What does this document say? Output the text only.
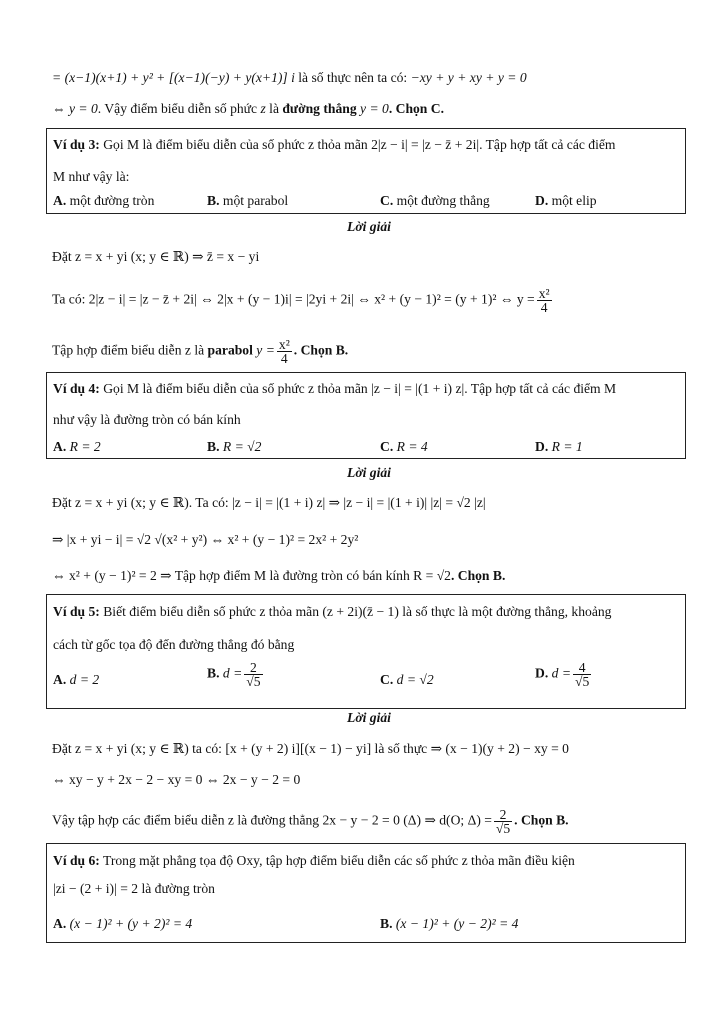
= (x−1)(x+1) + y² + [(x−1)(−y) + y(x+1)] i là số thực nên ta có: −xy + y + xy + y = 0
⇔ y = 0. Vậy điểm biểu diễn số phức z là đường thẳng y = 0. Chọn C.
Ví dụ 3: Gọi M là điểm biểu diễn của số phức z thỏa mãn 2|z − i| = |z − z̄ + 2i|. Tập hợp tất cả các điểm
M như vậy là:
A. một đường tròn	B. một parabol	C. một đường thẳng	D. một elip
Lời giải
Đặt z = x + yi (x; y ∈ ℝ) ⇒ z̄ = x − yi
Ta có: 2|z − i| = |z − z̄ + 2i| ⇔ 2|x + (y − 1)i| = |2yi + 2i| ⇔ x² + (y − 1)² = (y + 1)² ⇔ $y = \frac{\text{x²}}{4}$
Tập hợp điểm biểu diễn z là parabol $y = \frac{\text{x²}}{4}$ . Chọn B.
Ví dụ 4: Gọi M là điểm biểu diễn của số phức z thỏa mãn |z − i| = |(1 + i) z|. Tập hợp tất cả các điểm M
như vậy là đường tròn có bán kính
A. R = 2	B. R = √2	C. R = 4	D. R = 1
Lời giải
Đặt z = x + yi (x; y ∈ ℝ). Ta có: |z − i| = |(1 + i) z| ⇒ |z − i| = |(1 + i)| |z| = √2 |z|
⇒ |x + yi − i| = √2 √(x² + y²) ⇔ x² + (y − 1)² = 2x² + 2y²
⇔ x² + (y − 1)² = 2 ⇒ Tập hợp điểm M là đường tròn có bán kính R = √2. Chọn B.
Ví dụ 5: Biết điểm biểu diễn số phức z thỏa mãn (z + 2i)(z̄ − 1) là số thực là một đường thẳng, khoảng
cách từ gốc tọa độ đến đường thẳng đó bằng
A. d = 2	B. $d = \frac{2}{√5}$	C. d = √2	D. $d = \frac{4}{√5}$
Lời giải
Đặt z = x + yi (x; y ∈ ℝ) ta có: [x + (y + 2) i][(x − 1) − yi] là số thực ⇒ (x − 1)(y + 2) − xy = 0
⇔ xy − y + 2x − 2 − xy = 0 ⇔ 2x − y − 2 = 0
Vậy tập hợp các điểm biểu diễn z là đường thẳng 2x − y − 2 = 0 (Δ) ⇒ d(O; $\Delta) = \frac{2}{√5}$ . Chọn B.
Ví dụ 6: Trong mặt phẳng tọa độ Oxy, tập hợp điểm biểu diễn các số phức z thỏa mãn điều kiện
|zi − (2 + i)| = 2 là đường tròn
A. (x − 1)² + (y + 2)² = 4	B. (x − 1)² + (y − 2)² = 4
